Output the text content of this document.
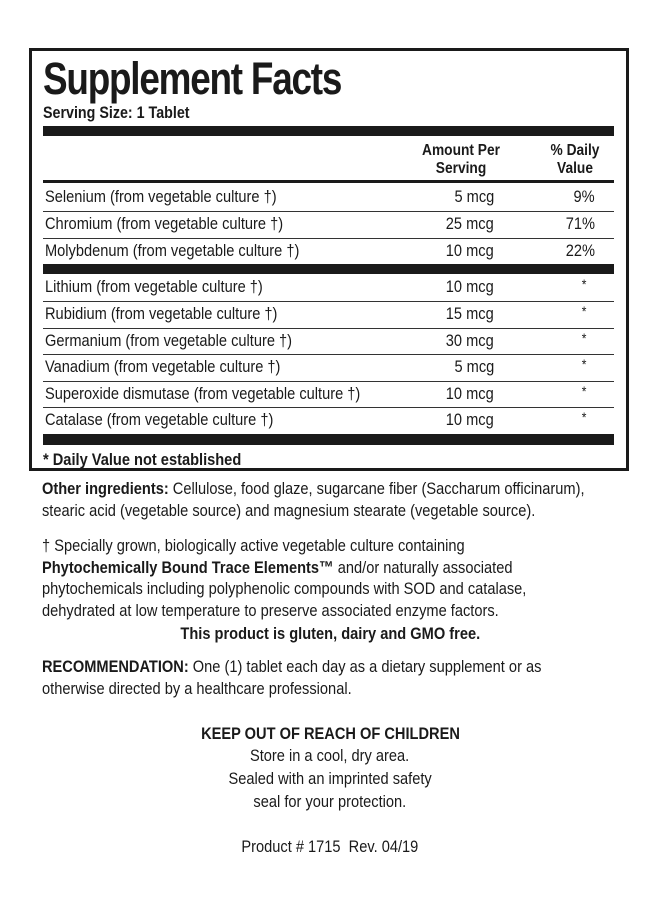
Supplement Facts
Serving Size: 1 Tablet
Amount Per
Serving
% Daily
Value
Selenium (from vegetable culture †)	5 mcg	9%
Chromium (from vegetable culture †)	25 mcg	71%
Molybdenum (from vegetable culture †)	10 mcg	22%
Lithium (from vegetable culture †)	10 mcg	*
Rubidium (from vegetable culture †)	15 mcg	*
Germanium (from vegetable culture †)	30 mcg	*
Vanadium (from vegetable culture †)	5 mcg	*
Superoxide dismutase (from vegetable culture †)	10 mcg	*
Catalase (from vegetable culture †)	10 mcg	*
* Daily Value not established
Other ingredients: Cellulose, food glaze, sugarcane fiber (Saccharum officinarum),
stearic acid (vegetable source) and magnesium stearate (vegetable source).
† Specially grown, biologically active vegetable culture containing
Phytochemically Bound Trace Elements™ and/or naturally associated
phytochemicals including polyphenolic compounds with SOD and catalase,
dehydrated at low temperature to preserve associated enzyme factors.
This product is gluten, dairy and GMO free.
RECOMMENDATION: One (1) tablet each day as a dietary supplement or as
otherwise directed by a healthcare professional.
KEEP OUT OF REACH OF CHILDREN
Store in a cool, dry area.
Sealed with an imprinted safety
seal for your protection.
Product # 1715  Rev. 04/19
